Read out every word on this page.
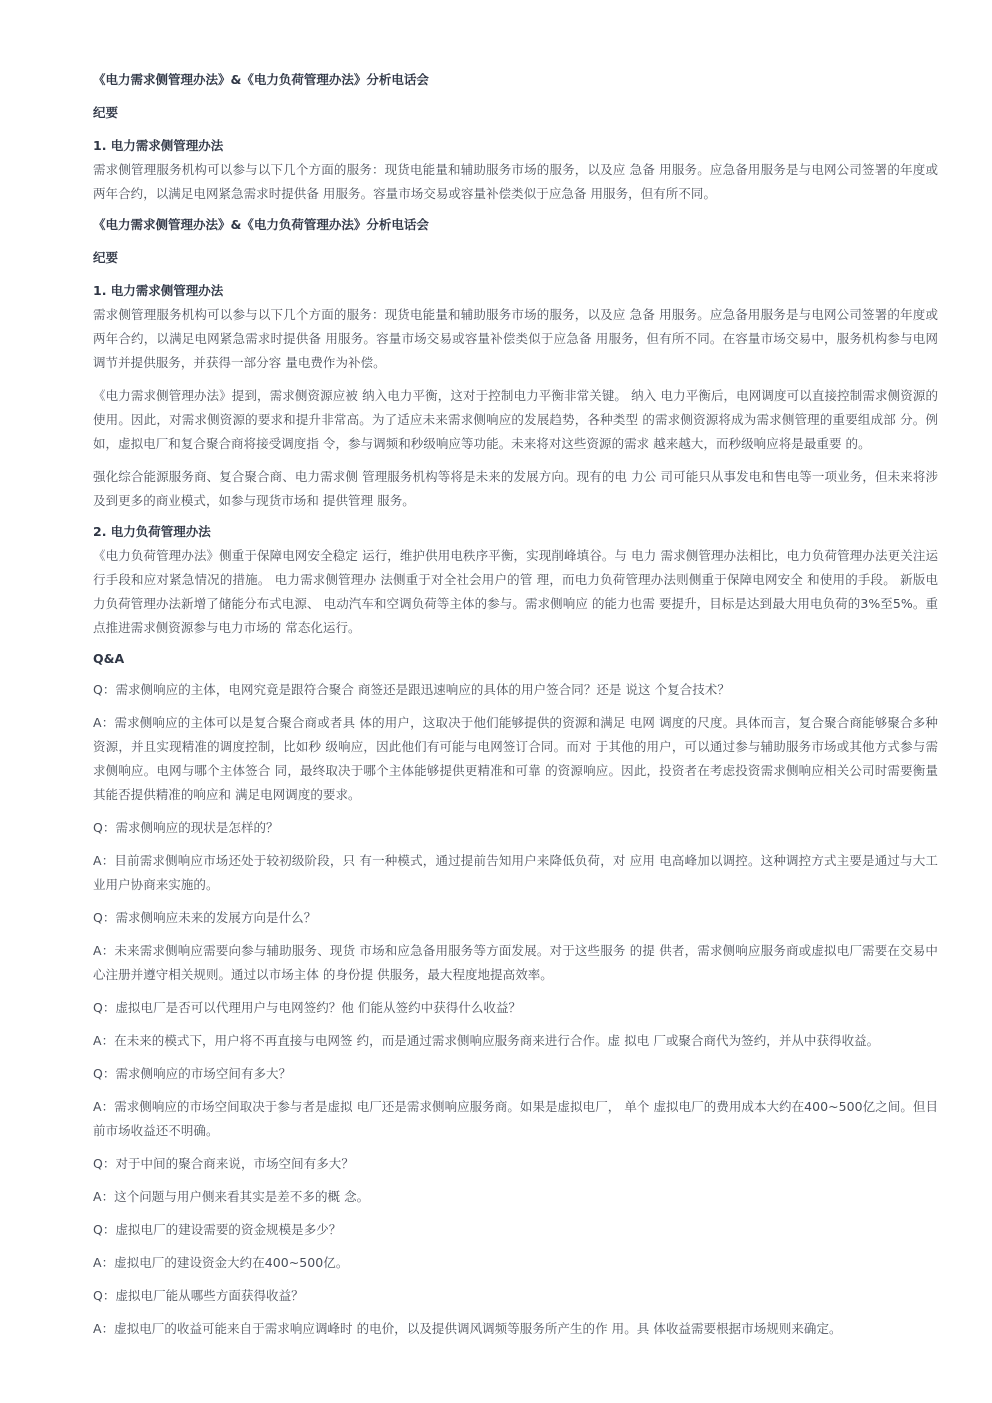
《电力需求侧管理办法》&《电力负荷管理办法》分析电话会
纪要
1. 电力需求侧管理办法

需求侧管理服务机构可以参与以下几个方面的服务：现货电能量和辅助服务市场的服务，以及应 急备 用服务。应急备用服务是与电网公司签署的年度或两年合约，以满足电网紧急需求时提供备 用服务。容量市场交易或容量补偿类似于应急备 用服务，但有所不同。

《电力需求侧管理办法》&《电力负荷管理办法》分析电话会
纪要
1. 电力需求侧管理办法

需求侧管理服务机构可以参与以下几个方面的服务：现货电能量和辅助服务市场的服务，以及应 急备 用服务。应急备用服务是与电网公司签署的年度或两年合约，以满足电网紧急需求时提供备 用服务。容量市场交易或容量补偿类似于应急备 用服务，但有所不同。在容量市场交易中，服务机构参与电网 调节并提供服务，并获得一部分容 量电费作为补偿。

《电力需求侧管理办法》提到，需求侧资源应被 纳入电力平衡，这对于控制电力平衡非常关键。 纳入 电力平衡后，电网调度可以直接控制需求侧资源的使用。因此，对需求侧资源的要求和提升非常高。为了适应未来需求侧响应的发展趋势，各种类型 的需求侧资源将成为需求侧管理的重要组成部 分。例 如，虚拟电厂和复合聚合商将接受调度指 令，参与调频和秒级响应等功能。未来将对这些资源的需求 越来越大，而秒级响应将是最重要 的。

强化综合能源服务商、复合聚合商、电力需求侧 管理服务机构等将是未来的发展方向。现有的电 力公 司可能只从事发电和售电等一项业务，但未来将涉及到更多的商业模式，如参与现货市场和 提供管理 服务。

2. 电力负荷管理办法

《电力负荷管理办法》侧重于保障电网安全稳定 运行，维护供用电秩序平衡，实现削峰填谷。与 电力 需求侧管理办法相比，电力负荷管理办法更关注运行手段和应对紧急情况的措施。 电力需求侧管理办 法侧重于对全社会用户的管 理，而电力负荷管理办法则侧重于保障电网安全 和使用的手段。 新版电 力负荷管理办法新增了储能分布式电源、 电动汽车和空调负荷等主体的参与。需求侧响应 的能力也需 要提升，目标是达到最大用电负荷的3%至5%。重点推进需求侧资源参与电力市场的 常态化运行。

Q&A

Q：需求侧响应的主体，电网究竟是跟符合聚合 商签还是跟迅速响应的具体的用户签合同？还是 说这 个复合技术？

A：需求侧响应的主体可以是复合聚合商或者具 体的用户，这取决于他们能够提供的资源和满足 电网 调度的尺度。具体而言，复合聚合商能够聚合多种资源，并且实现精准的调度控制，比如秒 级响应，因此他们有可能与电网签订合同。而对 于其他的用户，可以通过参与辅助服务市场或其他方式参与需 求侧响应。电网与哪个主体签合 同，最终取决于哪个主体能够提供更精准和可靠 的资源响应。因此，投资者在考虑投资需求侧响应相关公司时需要衡量其能否提供精准的响应和 满足电网调度的要求。

Q：需求侧响应的现状是怎样的？

A：目前需求侧响应市场还处于较初级阶段，只 有一种模式，通过提前告知用户来降低负荷，对 应用 电高峰加以调控。这种调控方式主要是通过与大工业用户协商来实施的。

Q：需求侧响应未来的发展方向是什么？

A：未来需求侧响应需要向参与辅助服务、现货 市场和应急备用服务等方面发展。对于这些服务 的提 供者，需求侧响应服务商或虚拟电厂需要在交易中心注册并遵守相关规则。通过以市场主体 的身份提 供服务，最大程度地提高效率。

Q：虚拟电厂是否可以代理用户与电网签约？他 们能从签约中获得什么收益？

A：在未来的模式下，用户将不再直接与电网签 约，而是通过需求侧响应服务商来进行合作。虚 拟电 厂或聚合商代为签约，并从中获得收益。

Q：需求侧响应的市场空间有多大？

A：需求侧响应的市场空间取决于参与者是虚拟 电厂还是需求侧响应服务商。如果是虚拟电厂， 单个 虚拟电厂的费用成本大约在400~500亿之间。但目前市场收益还不明确。

Q：对于中间的聚合商来说，市场空间有多大？

A：这个问题与用户侧来看其实是差不多的概 念。

Q：虚拟电厂的建设需要的资金规模是多少？

A：虚拟电厂的建设资金大约在400~500亿。

Q：虚拟电厂能从哪些方面获得收益？

A：虚拟电厂的收益可能来自于需求响应调峰时 的电价，以及提供调风调频等服务所产生的作 用。具 体收益需要根据市场规则来确定。
